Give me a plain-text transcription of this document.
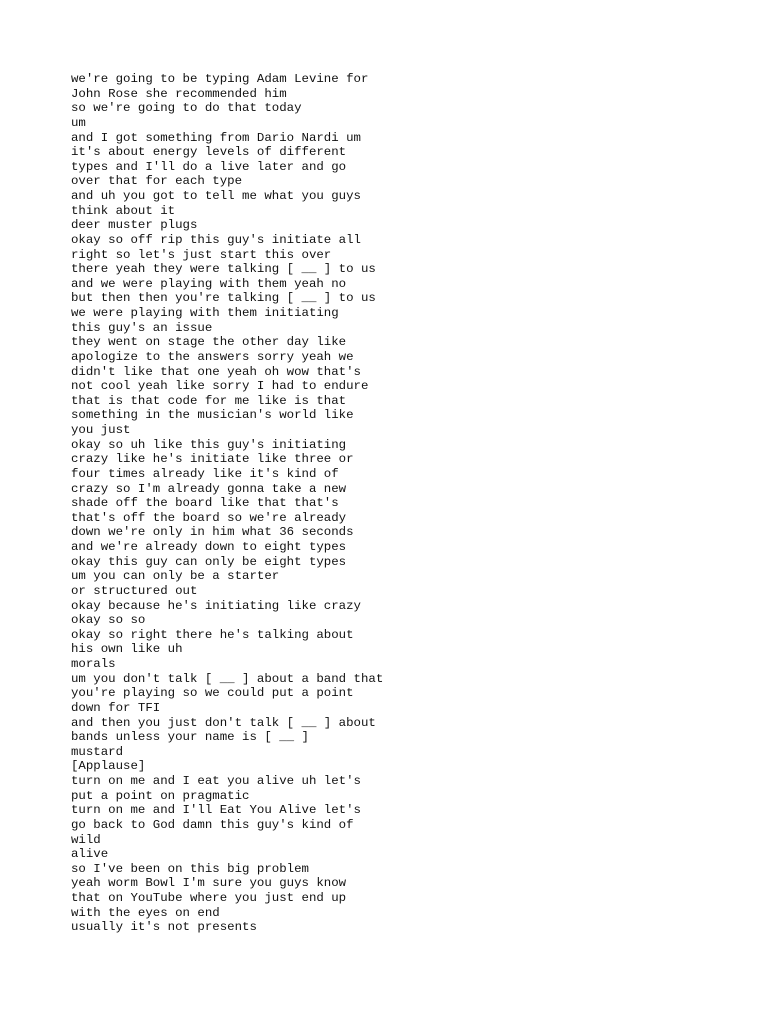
we're going to be typing Adam Levine for
John Rose she recommended him
so we're going to do that today
um
and I got something from Dario Nardi um
it's about energy levels of different
types and I'll do a live later and go
over that for each type
and uh you got to tell me what you guys
think about it
deer muster plugs
okay so off rip this guy's initiate all
right so let's just start this over
there yeah they were talking [ __ ] to us
and we were playing with them yeah no
but then then you're talking [ __ ] to us
we were playing with them initiating
this guy's an issue
they went on stage the other day like
apologize to the answers sorry yeah we
didn't like that one yeah oh wow that's
not cool yeah like sorry I had to endure
that is that code for me like is that
something in the musician's world like
you just
okay so uh like this guy's initiating
crazy like he's initiate like three or
four times already like it's kind of
crazy so I'm already gonna take a new
shade off the board like that that's
that's off the board so we're already
down we're only in him what 36 seconds
and we're already down to eight types
okay this guy can only be eight types
um you can only be a starter
or structured out
okay because he's initiating like crazy
okay so so
okay so right there he's talking about
his own like uh
morals
um you don't talk [ __ ] about a band that
you're playing so we could put a point
down for TFI
and then you just don't talk [ __ ] about
bands unless your name is [ __ ]
mustard
[Applause]
turn on me and I eat you alive uh let's
put a point on pragmatic
turn on me and I'll Eat You Alive let's
go back to God damn this guy's kind of
wild
alive
so I've been on this big problem
yeah worm Bowl I'm sure you guys know
that on YouTube where you just end up
with the eyes on end
usually it's not presents
